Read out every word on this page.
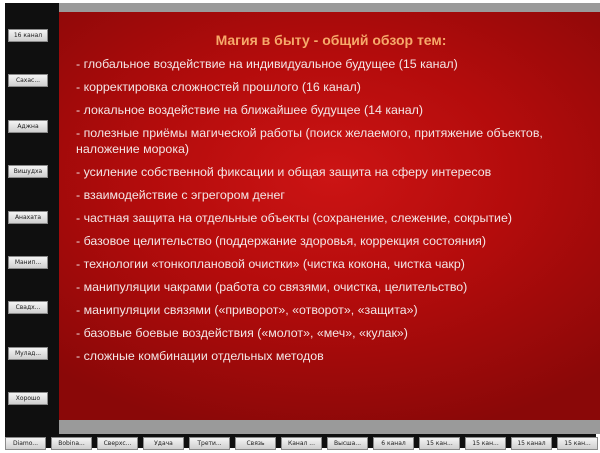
16 канал
Сахас...
Аджна
Вишудха
Анахата
Манип...
Свадх...
Мулад...
Хорошо
Магия в быту - общий обзор тем:
- глобальное воздействие на индивидуальное будущее (15 канал)
- корректировка сложностей прошлого (16 канал)
- локальное воздействие на ближайшее будущее (14 канал)
- полезные приёмы магической работы (поиск желаемого, притяжение объектов, наложение морока)
- усиление собственной фиксации и общая защита на сферу интересов
- взаимодействие с эгрегором денег
- частная защита на отдельные объекты (сохранение, слежение, сокрытие)
- базовое целительство (поддержание здоровья, коррекция состояния)
- технологии «тонкоплановой очистки» (чистка кокона, чистка чакр)
- манипуляции чакрами (работа со связями, очистка, целительство)
- манипуляции связями («приворот», «отворот», «защита»)
- базовые боевые воздействия («молот», «меч», «кулак»)
- сложные комбинации отдельных методов
Diamo...	Bobina...	Сверхс...	Удача	Трети...	Связь	Канал ...	Высша...	6 канал	15 кан...	15 кан...	15 канал	15 кан...
